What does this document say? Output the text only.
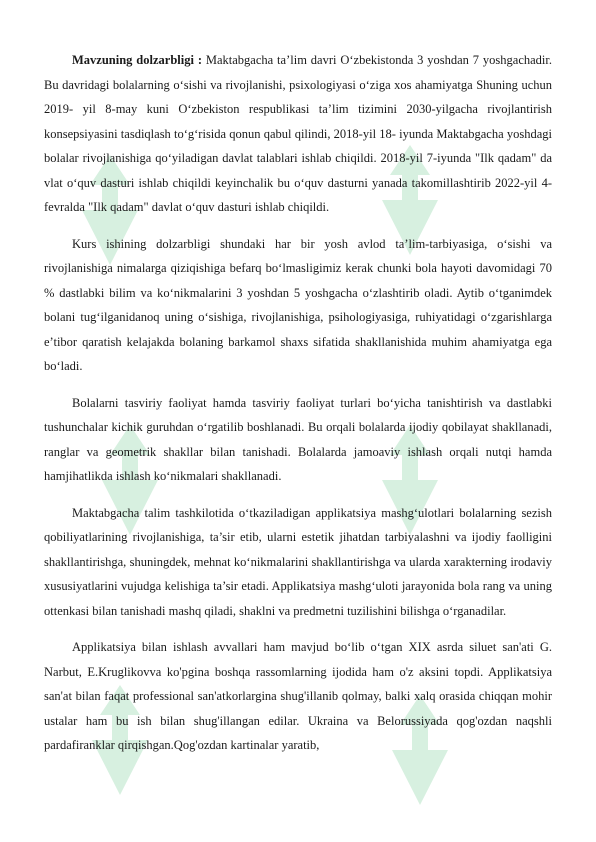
Mavzuning dolzarbligi : Maktabgacha ta’lim davri O‘zbekistonda 3 yoshdan 7 yoshgachadir. Bu davridagi bolalarning o‘sishi va rivojlanishi, psixologiyasi o‘ziga xos ahamiyatga Shuning uchun 2019- yil 8-may kuni O‘zbekiston respublikasi ta’lim tizimini 2030-yilgacha rivojlantirish konsepsiyasini tasdiqlash to‘g‘risida qonun qabul qilindi, 2018-yil 18- iyunda Maktabgacha yoshdagi bolalar rivojlanishiga qo‘yiladigan davlat talablari ishlab chiqildi. 2018-yil 7-iyunda "Ilk qadam" da vlat o‘quv dasturi ishlab chiqildi keyinchalik bu o‘quv dasturni yanada takomillashtirib 2022-yil 4- fevralda "Ilk qadam" davlat o‘quv dasturi ishlab chiqildi.

Kurs ishining dolzarbligi shundaki har bir yosh avlod ta’lim-tarbiyasiga, o‘sishi va rivojlanishiga nimalarga qiziqishiga befarq bo‘lmasligimiz kerak chunki bola hayoti davomidagi 70 % dastlabki bilim va ko‘nikmalarini 3 yoshdan 5 yoshgacha o‘zlashtirib oladi. Aytib o‘tganimdek bolani tug‘ilganidanoq uning o‘sishiga, rivojlanishiga, psihologiyasiga, ruhiyatidagi o‘zgarishlarga e’tibor qaratish kelajakda bolaning barkamol shaxs sifatida shakllanishida muhim ahamiyatga ega bo‘ladi.

Bolalarni tasviriy faoliyat hamda tasviriy faoliyat turlari bo‘yicha tanishtirish va dastlabki tushunchalar kichik guruhdan o‘rgatilib boshlanadi. Bu orqali bolalarda ijodiy qobilayat shakllanadi, ranglar va geometrik shakllar bilan tanishadi. Bolalarda jamoaviy ishlash orqali nutqi hamda hamjihatlikda ishlash ko‘nikmalari shakllanadi.

Maktabgacha talim tashkilotida o‘tkaziladigan applikatsiya mashg‘ulotlari bolalarning sezish qobiliyatlarining rivojlanishiga, ta’sir etib, ularni estetik jihatdan tarbiyalashni va ijodiy faolligini shakllantirishga, shuningdek, mehnat ko‘nikmalarini shakllantirishga va ularda xarakterning irodaviy xususiyatlarini vujudga kelishiga ta’sir etadi. Applikatsiya mashg‘uloti jarayonida bola rang va uning ottenkasi bilan tanishadi mashq qiladi, shaklni va predmetni tuzilishini bilishga o‘rganadilar.

Applikatsiya bilan ishlash avvallari ham mavjud bo‘lib o‘tgan XIX asrda siluet san'ati G. Narbut, E.Kruglikovva ko'pgina boshqa rassomlarning ijodida ham o'z aksini topdi. Applikatsiya san'at bilan faqat professional san'atkorlargina shug'illanib qolmay, balki xalq orasida chiqqan mohir ustalar ham bu ish bilan shug'illangan edilar. Ukraina va Belorussiyada qog'ozdan naqshli pardafiranklar qirqishgan.Qog'ozdan kartinalar yaratib,
